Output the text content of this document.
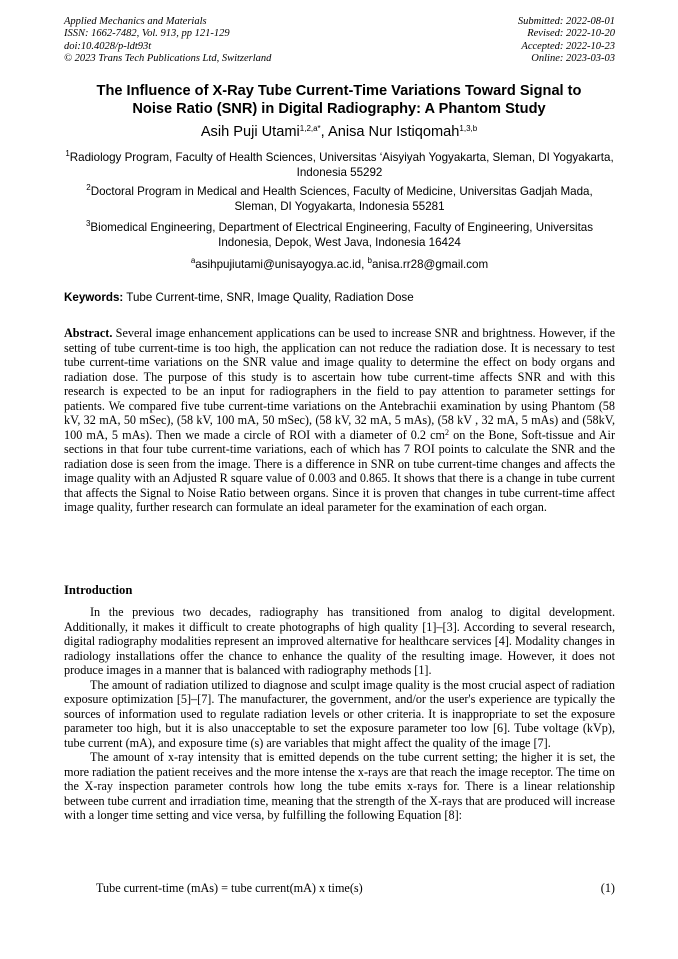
Applied Mechanics and Materials
ISSN: 1662-7482, Vol. 913, pp 121-129
doi:10.4028/p-ldt93t
© 2023 Trans Tech Publications Ltd, Switzerland
Submitted: 2022-08-01
Revised: 2022-10-20
Accepted: 2022-10-23
Online: 2023-03-03
The Influence of X-Ray Tube Current-Time Variations Toward Signal to
Noise Ratio (SNR) in Digital Radiography: A Phantom Study
Asih Puji Utami$^{1,2,a*}$, Anisa Nur Istiqomah$^{1,3,b}$
$^1$Radiology Program, Faculty of Health Sciences, Universitas ‘Aisyiyah Yogyakarta, Sleman, DI Yogyakarta, Indonesia 55292
$^2$Doctoral Program in Medical and Health Sciences, Faculty of Medicine, Universitas Gadjah Mada, Sleman, DI Yogyakarta, Indonesia 55281
$^3$Biomedical Engineering, Department of Electrical Engineering, Faculty of Engineering, Universitas Indonesia, Depok, West Java, Indonesia 16424
$^a$asihpujiutami@unisayogya.ac.id, $^b$anisa.rr28@gmail.com
Keywords: Tube Current-time, SNR, Image Quality, Radiation Dose

Abstract. Several image enhancement applications can be used to increase SNR and brightness. However, if the setting of tube current-time is too high, the application can not reduce the radiation dose. It is necessary to test tube current-time variations on the SNR value and image quality to determine the effect on body organs and radiation dose. The purpose of this study is to ascertain how tube current-time affects SNR and with this research is expected to be an input for radiographers in the field to pay attention to parameter settings for patients. We compared five tube current-time variations on the Antebrachii examination by using Phantom (58 kV, 32 mA, 50 mSec), (58 kV, 100 mA, 50 mSec), (58 kV, 32 mA, 5 mAs), (58 kV , 32 mA, 5 mAs) and (58kV, 100 mA, 5 mAs). Then we made a circle of ROI with a diameter of 0.2 $cm^2$ on the Bone, Soft-tissue and Air sections in that four tube current-time variations, each of which has 7 ROI points to calculate the SNR and the radiation dose is seen from the image. There is a difference in SNR on tube current-time changes and affects the image quality with an Adjusted R square value of 0.003 and 0.865. It shows that there is a change in tube current that affects the Signal to Noise Ratio between organs. Since it is proven that changes in tube current-time affect image quality, further research can formulate an ideal parameter for the examination of each organ.

Introduction

In the previous two decades, radiography has transitioned from analog to digital development. Additionally, it makes it difficult to create photographs of high quality [1]–[3]. According to several research, digital radiography modalities represent an improved alternative for healthcare services [4]. Modality changes in radiology installations offer the chance to enhance the quality of the resulting image. However, it does not produce images in a manner that is balanced with radiography methods [1].

The amount of radiation utilized to diagnose and sculpt image quality is the most crucial aspect of radiation exposure optimization [5]–[7]. The manufacturer, the government, and/or the user's experience are typically the sources of information used to regulate radiation levels or other criteria. It is inappropriate to set the exposure parameter too high, but it is also unacceptable to set the exposure parameter too low [6]. Tube voltage (kVp), tube current (mA), and exposure time (s) are variables that might affect the quality of the image [7].

The amount of x-ray intensity that is emitted depends on the tube current setting; the higher it is set, the more radiation the patient receives and the more intense the x-rays are that reach the image receptor. The time on the X-ray inspection parameter controls how long the tube emits x-rays for. There is a linear relationship between tube current and irradiation time, meaning that the strength of the X-rays that are produced will increase with a longer time setting and vice versa, by fulfilling the following Equation [8]:

Tube current-time (mAs) = tube current(mA) x time(s)	(1)
